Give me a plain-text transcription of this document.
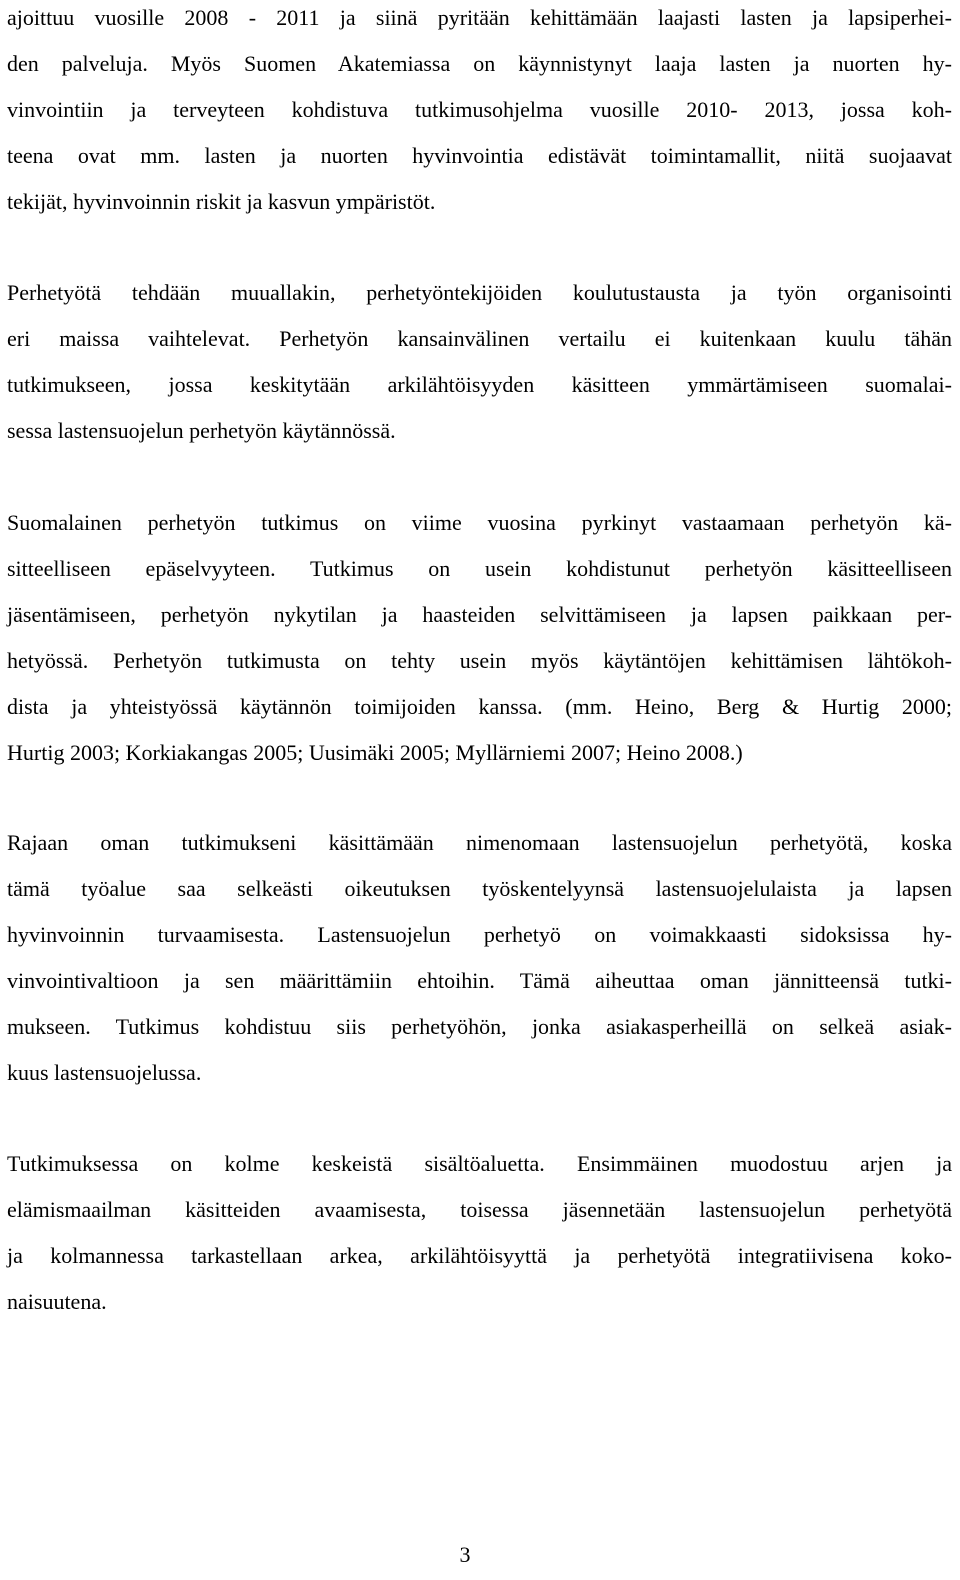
ajoittuu vuosille 2008 - 2011 ja siinä pyritään kehittämään laajasti lasten ja lapsiperhei-
den palveluja. Myös Suomen Akatemiassa on käynnistynyt laaja lasten ja nuorten hy-
vinvointiin ja terveyteen kohdistuva tutkimusohjelma vuosille 2010- 2013, jossa koh-
teena ovat mm. lasten ja nuorten hyvinvointia edistävät toimintamallit, niitä suojaavat
tekijät, hyvinvoinnin riskit ja kasvun ympäristöt.
Perhetyötä tehdään muuallakin, perhetyöntekijöiden koulutustausta ja työn organisointi
eri maissa vaihtelevat. Perhetyön kansainvälinen vertailu ei kuitenkaan kuulu tähän
tutkimukseen, jossa keskitytään arkilähtöisyyden käsitteen ymmärtämiseen suomalai-
sessa lastensuojelun perhetyön käytännössä.
Suomalainen perhetyön tutkimus on viime vuosina pyrkinyt vastaamaan perhetyön kä-
sitteelliseen epäselvyyteen. Tutkimus on usein kohdistunut perhetyön käsitteelliseen
jäsentämiseen, perhetyön nykytilan ja haasteiden selvittämiseen ja lapsen paikkaan per-
hetyössä. Perhetyön tutkimusta on tehty usein myös käytäntöjen kehittämisen lähtökoh-
dista ja yhteistyössä käytännön toimijoiden kanssa. (mm. Heino, Berg & Hurtig 2000;
Hurtig 2003; Korkiakangas 2005; Uusimäki 2005; Myllärniemi 2007; Heino 2008.)
Rajaan oman tutkimukseni käsittämään nimenomaan lastensuojelun perhetyötä, koska
tämä työalue saa selkeästi oikeutuksen työskentelyynsä lastensuojelulaista ja lapsen
hyvinvoinnin turvaamisesta. Lastensuojelun perhetyö on voimakkaasti sidoksissa hy-
vinvointivaltioon ja sen määrittämiin ehtoihin. Tämä aiheuttaa oman jännitteensä tutki-
mukseen. Tutkimus kohdistuu siis perhetyöhön, jonka asiakasperheillä on selkeä asiak-
kuus lastensuojelussa.
Tutkimuksessa on kolme keskeistä sisältöaluetta. Ensimmäinen muodostuu arjen ja
elämismaailman käsitteiden avaamisesta, toisessa jäsennetään lastensuojelun perhetyötä
ja kolmannessa tarkastellaan arkea, arkilähtöisyyttä ja perhetyötä integratiivisena koko-
naisuutena.
3
